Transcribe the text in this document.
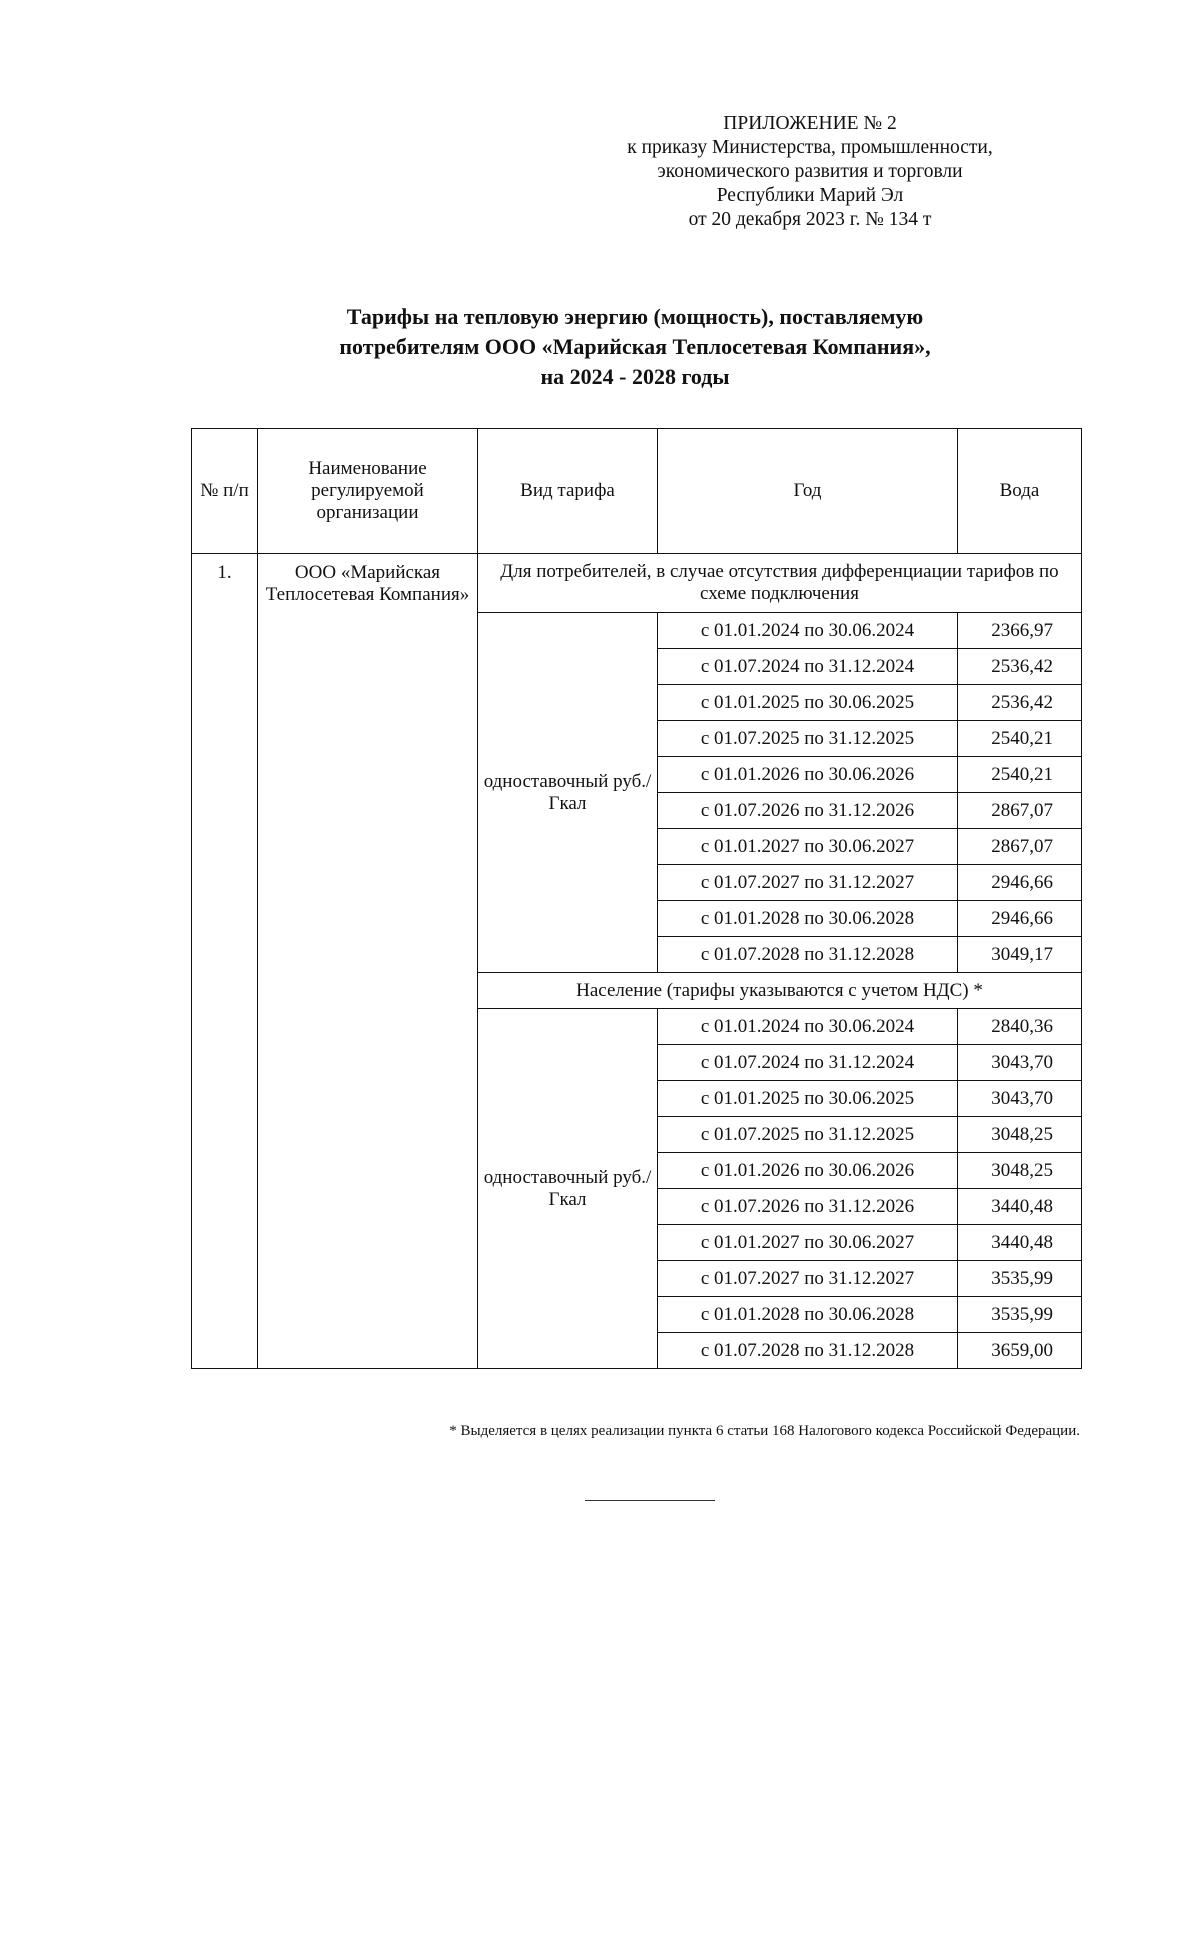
ПРИЛОЖЕНИЕ № 2
к приказу Министерства, промышленности,
экономического развития и торговли
Республики Марий Эл
от 20 декабря 2023 г. № 134 т
Тарифы на тепловую энергию (мощность), поставляемую
потребителям ООО «Марийская Теплосетевая Компания»,
на 2024 - 2028 годы
№ п/п	Наименование регулируемой организации	Вид тарифа	Год	Вода
1.	ООО «Марийская Теплосетевая Компания»	Для потребителей, в случае отсутствия дифференциации тарифов по схеме подключения		
		одноставочный руб./Гкал	с 01.01.2024 по 30.06.2024	2366,97
			с 01.07.2024 по 31.12.2024	2536,42
			с 01.01.2025 по 30.06.2025	2536,42
			с 01.07.2025 по 31.12.2025	2540,21
			с 01.01.2026 по 30.06.2026	2540,21
			с 01.07.2026 по 31.12.2026	2867,07
			с 01.01.2027 по 30.06.2027	2867,07
			с 01.07.2027 по 31.12.2027	2946,66
			с 01.01.2028 по 30.06.2028	2946,66
			с 01.07.2028 по 31.12.2028	3049,17
		Население (тарифы указываются с учетом НДС) *		
		одноставочный руб./Гкал	с 01.01.2024 по 30.06.2024	2840,36
			с 01.07.2024 по 31.12.2024	3043,70
			с 01.01.2025 по 30.06.2025	3043,70
			с 01.07.2025 по 31.12.2025	3048,25
			с 01.01.2026 по 30.06.2026	3048,25
			с 01.07.2026 по 31.12.2026	3440,48
			с 01.01.2027 по 30.06.2027	3440,48
			с 01.07.2027 по 31.12.2027	3535,99
			с 01.01.2028 по 30.06.2028	3535,99
			с 01.07.2028 по 31.12.2028	3659,00
* Выделяется в целях реализации пункта 6 статьи 168 Налогового кодекса Российской Федерации.
